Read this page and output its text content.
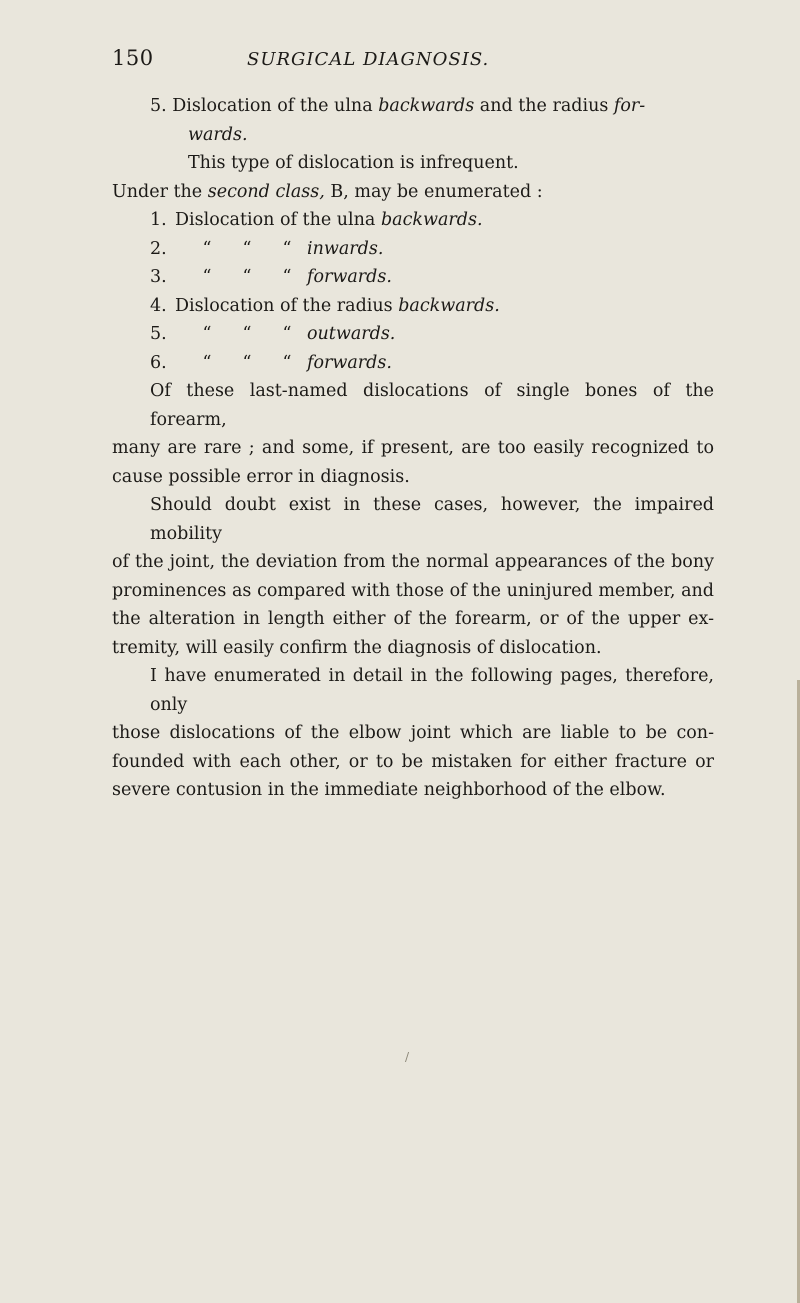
150	SURGICAL DIAGNOSIS.
5. Dislocation of the ulna backwards and the radius for-
wards.
This type of dislocation is infrequent.
Under the second class, B, may be enumerated :
1. Dislocation of the ulna
backwards.
2.	“	“	“ inwards.
3.	“	“	“ forwards.
4. Dislocation of the radius
backwards.
5.	“	“	“ outwards.
6.	“	“	“ forwards.
Of these last-named dislocations of single bones of the forearm,
many are rare ; and some, if present, are too easily recognized to
cause possible error in diagnosis.
Should doubt exist in these cases, however, the impaired mobility
of the joint, the deviation from the normal appearances of the bony
prominences as compared with those of the uninjured member, and
the alteration in length either of the forearm, or of the upper ex-
tremity, will easily confirm the diagnosis of dislocation.
I have enumerated in detail in the following pages, therefore, only
those dislocations of the elbow joint which are liable to be con-
founded with each other, or to be mistaken for either fracture or
severe contusion in the immediate neighborhood of the elbow.
/
